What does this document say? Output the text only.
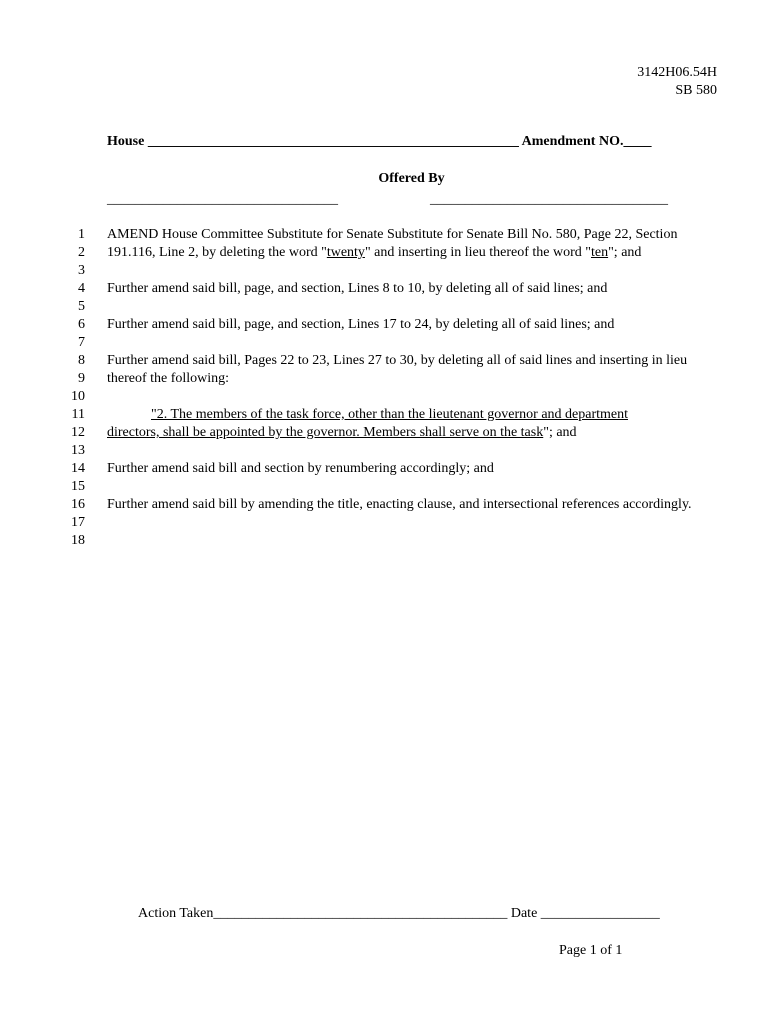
3142H06.54H
SB 580
House _____________________________________________________ Amendment NO.____
Offered By
_________________________________	__________________________________
1
2
3
4
5
6
7
8
9
10
11
12
13
14
15
16
17
18

AMEND House Committee Substitute for Senate Substitute for Senate Bill No. 580, Page 22, Section 191.116, Line 2, by deleting the word "twenty" and inserting in lieu thereof the word "ten"; and

Further amend said bill, page, and section, Lines 8 to 10, by deleting all of said lines; and

Further amend said bill, page, and section, Lines 17 to 24, by deleting all of said lines; and

Further amend said bill, Pages 22 to 23, Lines 27 to 30, by deleting all of said lines and inserting in lieu thereof the following:

"2. The members of the task force, other than the lieutenant governor and department

directors, shall be appointed by the governor. Members shall serve on the task"; and

Further amend said bill and section by renumbering accordingly; and

Further amend said bill by amending the title, enacting clause, and intersectional references accordingly.

Action Taken__________________________________________ Date _________________
Page 1 of 1
